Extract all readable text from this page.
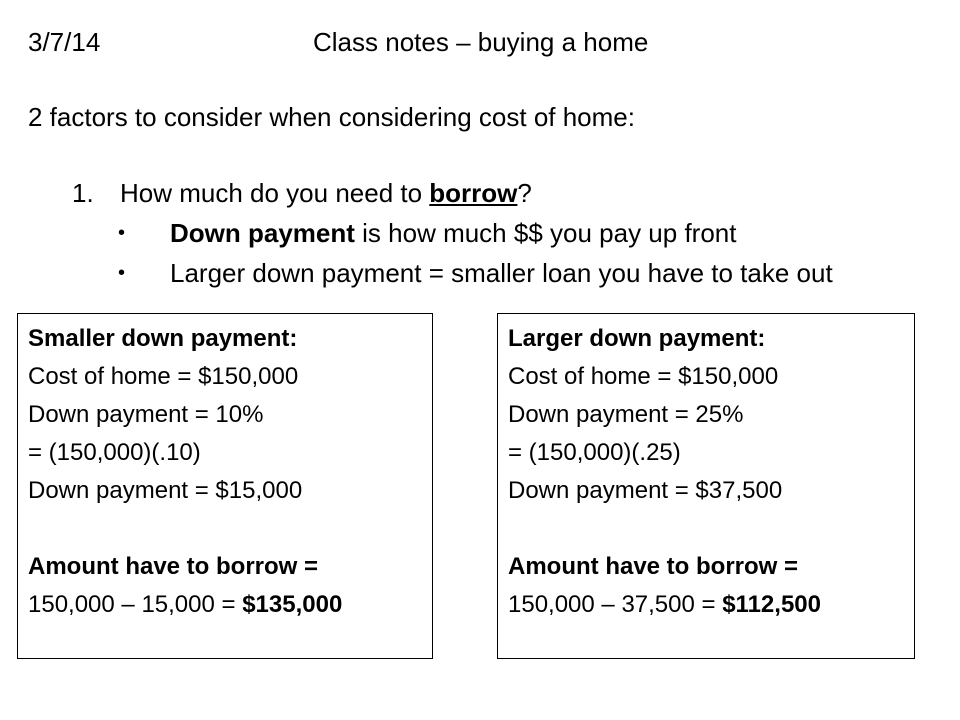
3/7/14	Class notes – buying a home
2 factors to consider when considering cost of home:
1. How much do you need to borrow?
• Down payment is how much $$ you pay up front
• Larger down payment = smaller loan you have to take out
Smaller down payment:
Cost of home = $150,000
Down payment = 10%
= (150,000)(.10)
Down payment = $15,000
Amount have to borrow =
150,000 – 15,000 = $135,000
Larger down payment:
Cost of home = $150,000
Down payment = 25%
= (150,000)(.25)
Down payment = $37,500
Amount have to borrow =
150,000 – 37,500 = $112,500
